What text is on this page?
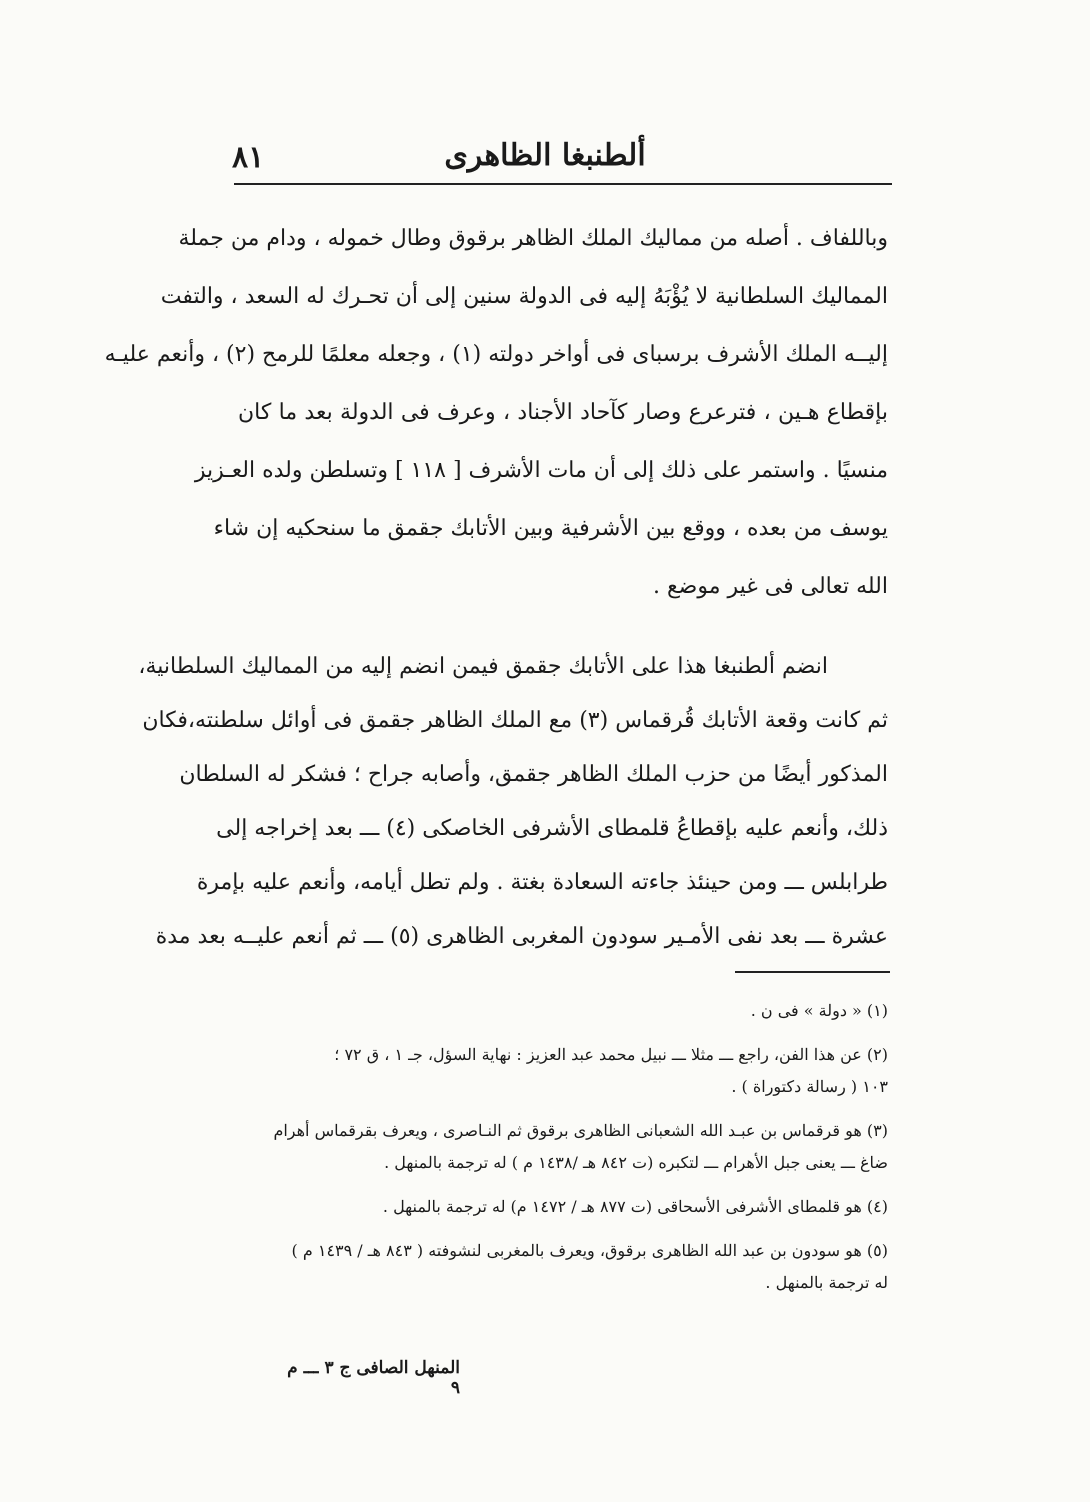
ألطنبغا الظاهرى
٨١
وباللفاف . أصله من مماليك الملك الظاهر برقوق وطال خموله ، ودام من جملة
المماليك السلطانية لا يُؤْبَهُ إليه فى الدولة سنين إلى أن تحـرك له السعد ، والتفت
إليــه الملك الأشرف برسباى فى أواخر دولته (١) ، وجعله معلمًا للرمح (٢) ، وأنعم عليـه
بإقطاع هـين ، فترعرع وصار كآحاد الأجناد ، وعرف فى الدولة بعد ما كان
منسيًا . واستمر على ذلك إلى أن مات الأشرف [ ١١٨ ] وتسلطن ولده العـزيز
يوسف من بعده ، ووقع بين الأشرفية وبين الأتابك جقمق ما سنحكيه إن شاء
الله تعالى فى غير موضع .
انضم ألطنبغا هذا على الأتابك جقمق فيمن انضم إليه من المماليك السلطانية،
ثم كانت وقعة الأتابك قُرقماس (٣) مع الملك الظاهر جقمق فى أوائل سلطنته،فكان
المذكور أيضًا من حزب الملك الظاهر جقمق، وأصابه جراح ؛ فشكر له السلطان
ذلك، وأنعم عليه بإقطاعُ قلمطاى الأشرفى الخاصكى (٤) ـــ بعد إخراجه إلى
طرابلس ـــ ومن حينئذ جاءته السعادة بغتة . ولم تطل أيامه، وأنعم عليه بإمرة
عشرة ـــ بعد نفى الأمـير سودون المغربى الظاهرى (٥) ـــ ثم أنعم عليــه بعد مدة
(١) « دولة » فى ن .
(٢) عن هذا الفن، راجع ـــ مثلا ـــ نبيل محمد عبد العزيز : نهاية السؤل، جـ ١ ، ق ٧٢ ؛
١٠٣ ( رسالة دكتوراة ) .
(٣) هو قرقماس بن عبـد الله الشعبانى الظاهرى برقوق ثم النـاصرى ، ويعرف بقرقماس أهرام
ضاغ ـــ يعنى جبل الأهرام ـــ لتكبره (ت ٨٤٢ هـ /١٤٣٨ م ) له ترجمة بالمنهل .
(٤) هو قلمطاى الأشرفى الأسحاقى (ت ٨٧٧ هـ / ١٤٧٢ م) له ترجمة بالمنهل .
(٥) هو سودون بن عبد الله الظاهرى برقوق، ويعرف بالمغربى لنشوفته ( ٨٤٣ هـ / ١٤٣٩ م )
له ترجمة بالمنهل .
المنهل الصافى ج ٣ ـــ م ٩
